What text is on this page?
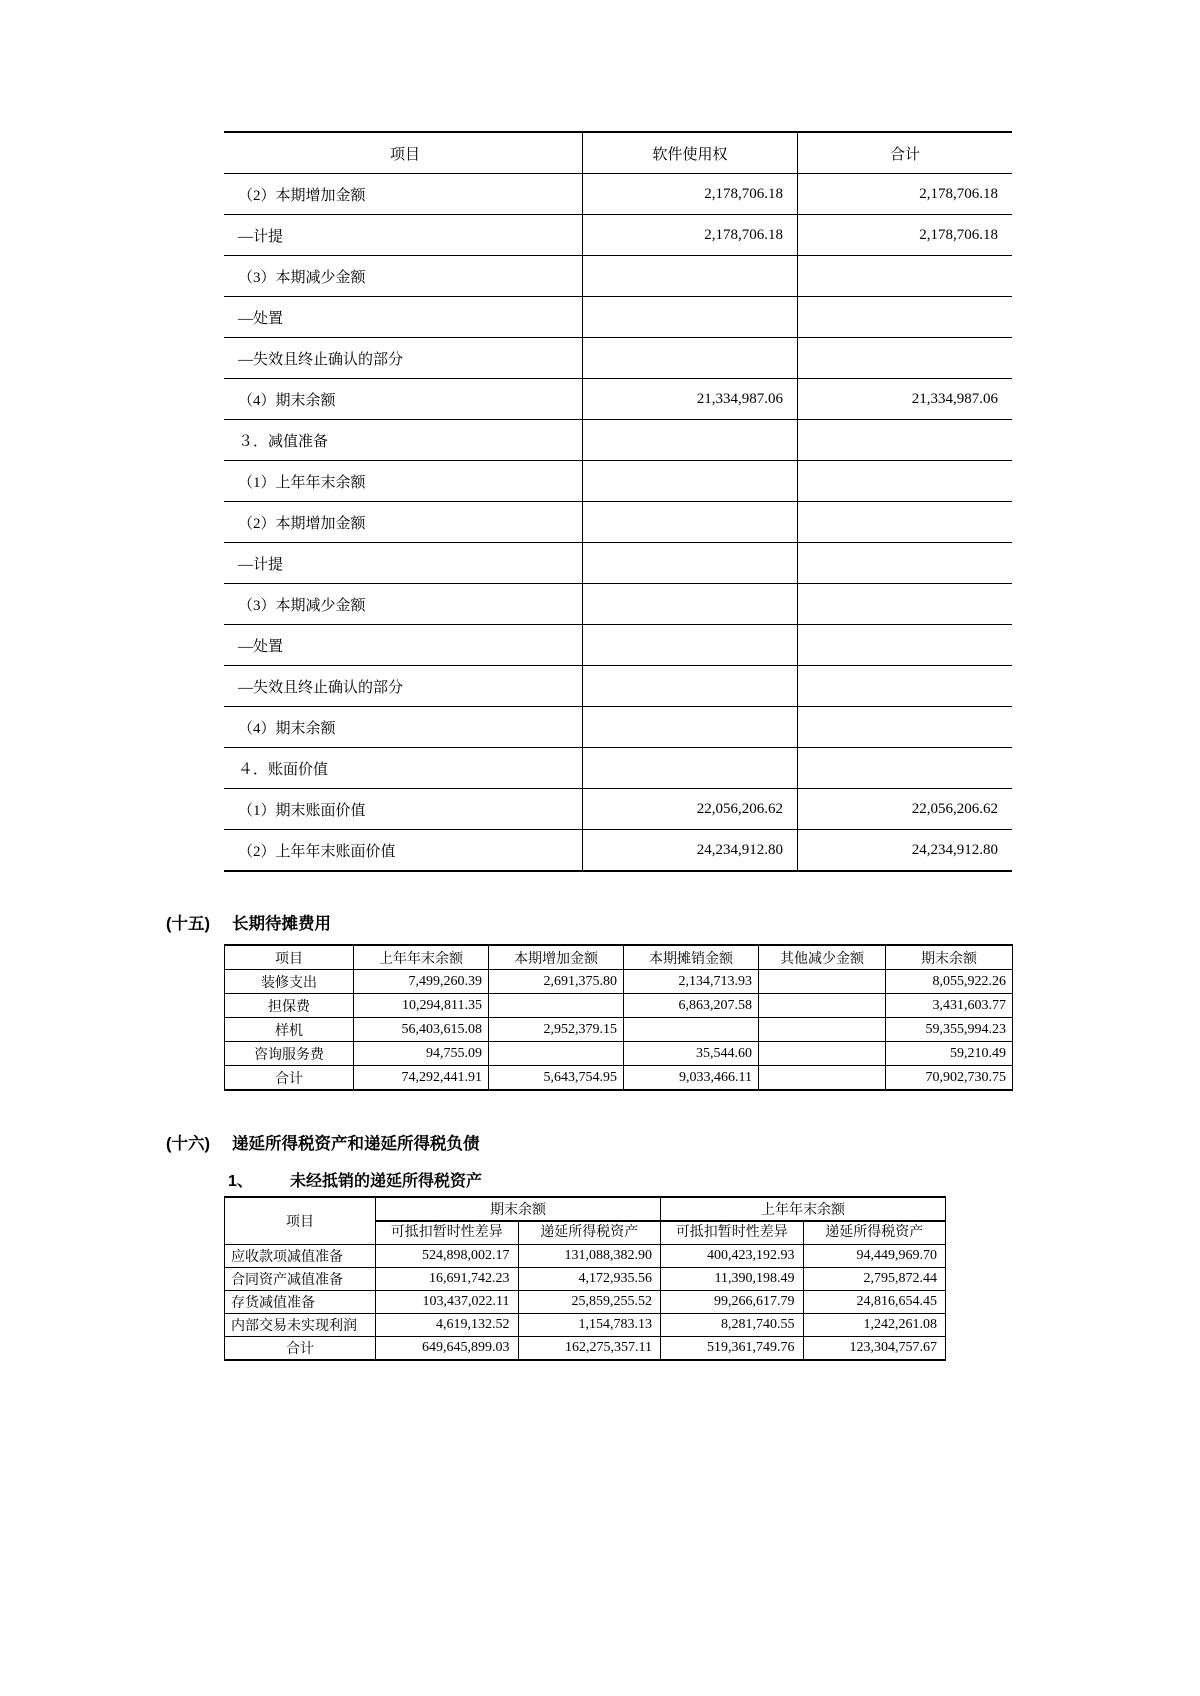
项目	软件使用权	合计
（2）本期增加金额	2,178,706.18	2,178,706.18
—计提	2,178,706.18	2,178,706.18
（3）本期减少金额		
—处置		
—失效且终止确认的部分		
（4）期末余额	21,334,987.06	21,334,987.06
３．减值准备		
（1）上年年末余额		
（2）本期增加金额		
—计提		
（3）本期减少金额		
—处置		
—失效且终止确认的部分		
（4）期末余额		
４．账面价值		
（1）期末账面价值	22,056,206.62	22,056,206.62
（2）上年年末账面价值	24,234,912.80	24,234,912.80
(十五) 长期待摊费用
项目	上年年末余额	本期增加金额	本期摊销金额	其他减少金额	期末余额
装修支出	7,499,260.39	2,691,375.80	2,134,713.93		8,055,922.26
担保费	10,294,811.35		6,863,207.58		3,431,603.77
样机	56,403,615.08	2,952,379.15			59,355,994.23
咨询服务费	94,755.09		35,544.60		59,210.49
合计	74,292,441.91	5,643,754.95	9,033,466.11		70,902,730.75
(十六) 递延所得税资产和递延所得税负债
1、 未经抵销的递延所得税资产
项目	期末余额		上年年末余额	
	可抵扣暂时性差异	递延所得税资产	可抵扣暂时性差异	递延所得税资产
应收款项减值准备	524,898,002.17	131,088,382.90	400,423,192.93	94,449,969.70
合同资产减值准备	16,691,742.23	4,172,935.56	11,390,198.49	2,795,872.44
存货减值准备	103,437,022.11	25,859,255.52	99,266,617.79	24,816,654.45
内部交易未实现利润	4,619,132.52	1,154,783.13	8,281,740.55	1,242,261.08
合计	649,645,899.03	162,275,357.11	519,361,749.76	123,304,757.67
